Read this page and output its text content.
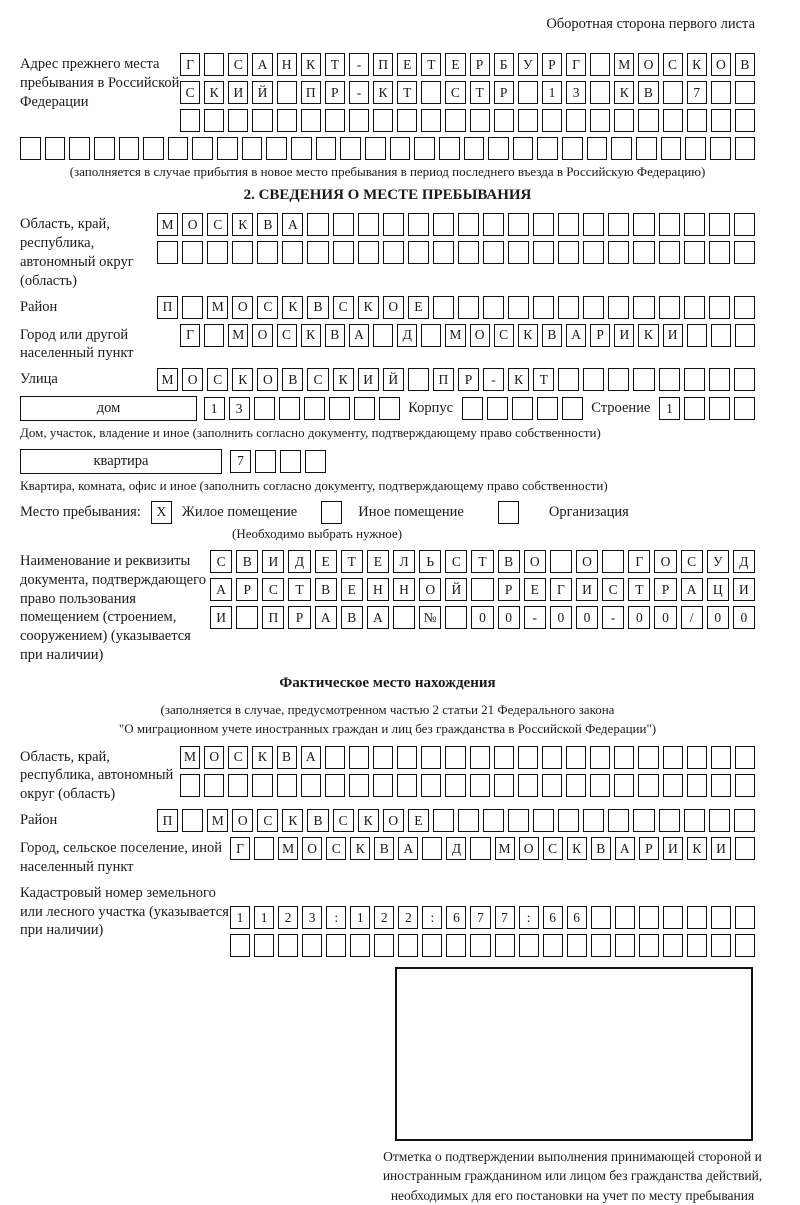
Оборотная сторона первого листа
Адрес прежнего места пребывания в Российской Федерации
Г	С	А	Н	К	Т	-	П	Е	Т	Е	Р	Б	У	Р	Г	М О	С	К	О	В
С	К	И	Й	П	Р	-	К	Т	С	Т	Р	1	3	К	В	7
(заполняется в случае прибытия в новое место пребывания в период последнего въезда в Российскую Федерацию)
2. СВЕДЕНИЯ О МЕСТЕ ПРЕБЫВАНИЯ
Область, край, республика, автономный округ (область)
М	О	С	К	В	А
Район	П	М	О	С	К	В	С	К	О	Е
Город или другой населенный пункт
Г	М О	С	К	В	А	Д	М О	С	К	В	А	Р	И	К	И
Улица	М	О	С	К	О	В	С	К	И	Й	П	Р	-	К	Т
дом	1	3	Корпус	Строение	1
Дом, участок, владение и иное (заполнить согласно документу, подтверждающему право собственности)
квартира	7
Квартира, комната, офис и иное (заполнить согласно документу, подтверждающему право собственности)
Место пребывания:	X	Жилое помещение	Иное помещение	Организация
(Необходимо выбрать нужное)
Наименование и реквизиты документа, подтверждающего право пользования помещением (строением, сооружением) (указывается при наличии)
С	В	И	Д	Е	Т	Е	Л	Ь	С	Т	В	О	О	Г	О	С	У	Д
А	Р	С	Т	В	Е	Н	Н	О	Й	Р	Е	Г	И	С	Т	Р	А	Ц	И
И	П	Р	А	В	А	№	0	0	-	0	0	-	0	0	/	0	0
Фактическое место нахождения
(заполняется в случае, предусмотренном частью 2 статьи 21 Федерального закона
"О миграционном учете иностранных граждан и лиц без гражданства в Российской Федерации")
Область, край, республика, автономный округ (область)
М О	С	К	В	А
Район	П	М	О	С	К	В	С	К	О	Е
Город, сельское поселение, иной населенный пункт
Г	М О	С	К	В	А	Д	М О	С	К	В	А	Р	И	К	И
Кадастровый номер земельного или лесного участка (указывается при наличии)
1	1	2	3	:	1	2	2	:	6	7	7	:	6	6
Отметка о подтверждении выполнения принимающей стороной и иностранным гражданином или лицом без гражданства действий, необходимых для его постановки на учет по месту пребывания
